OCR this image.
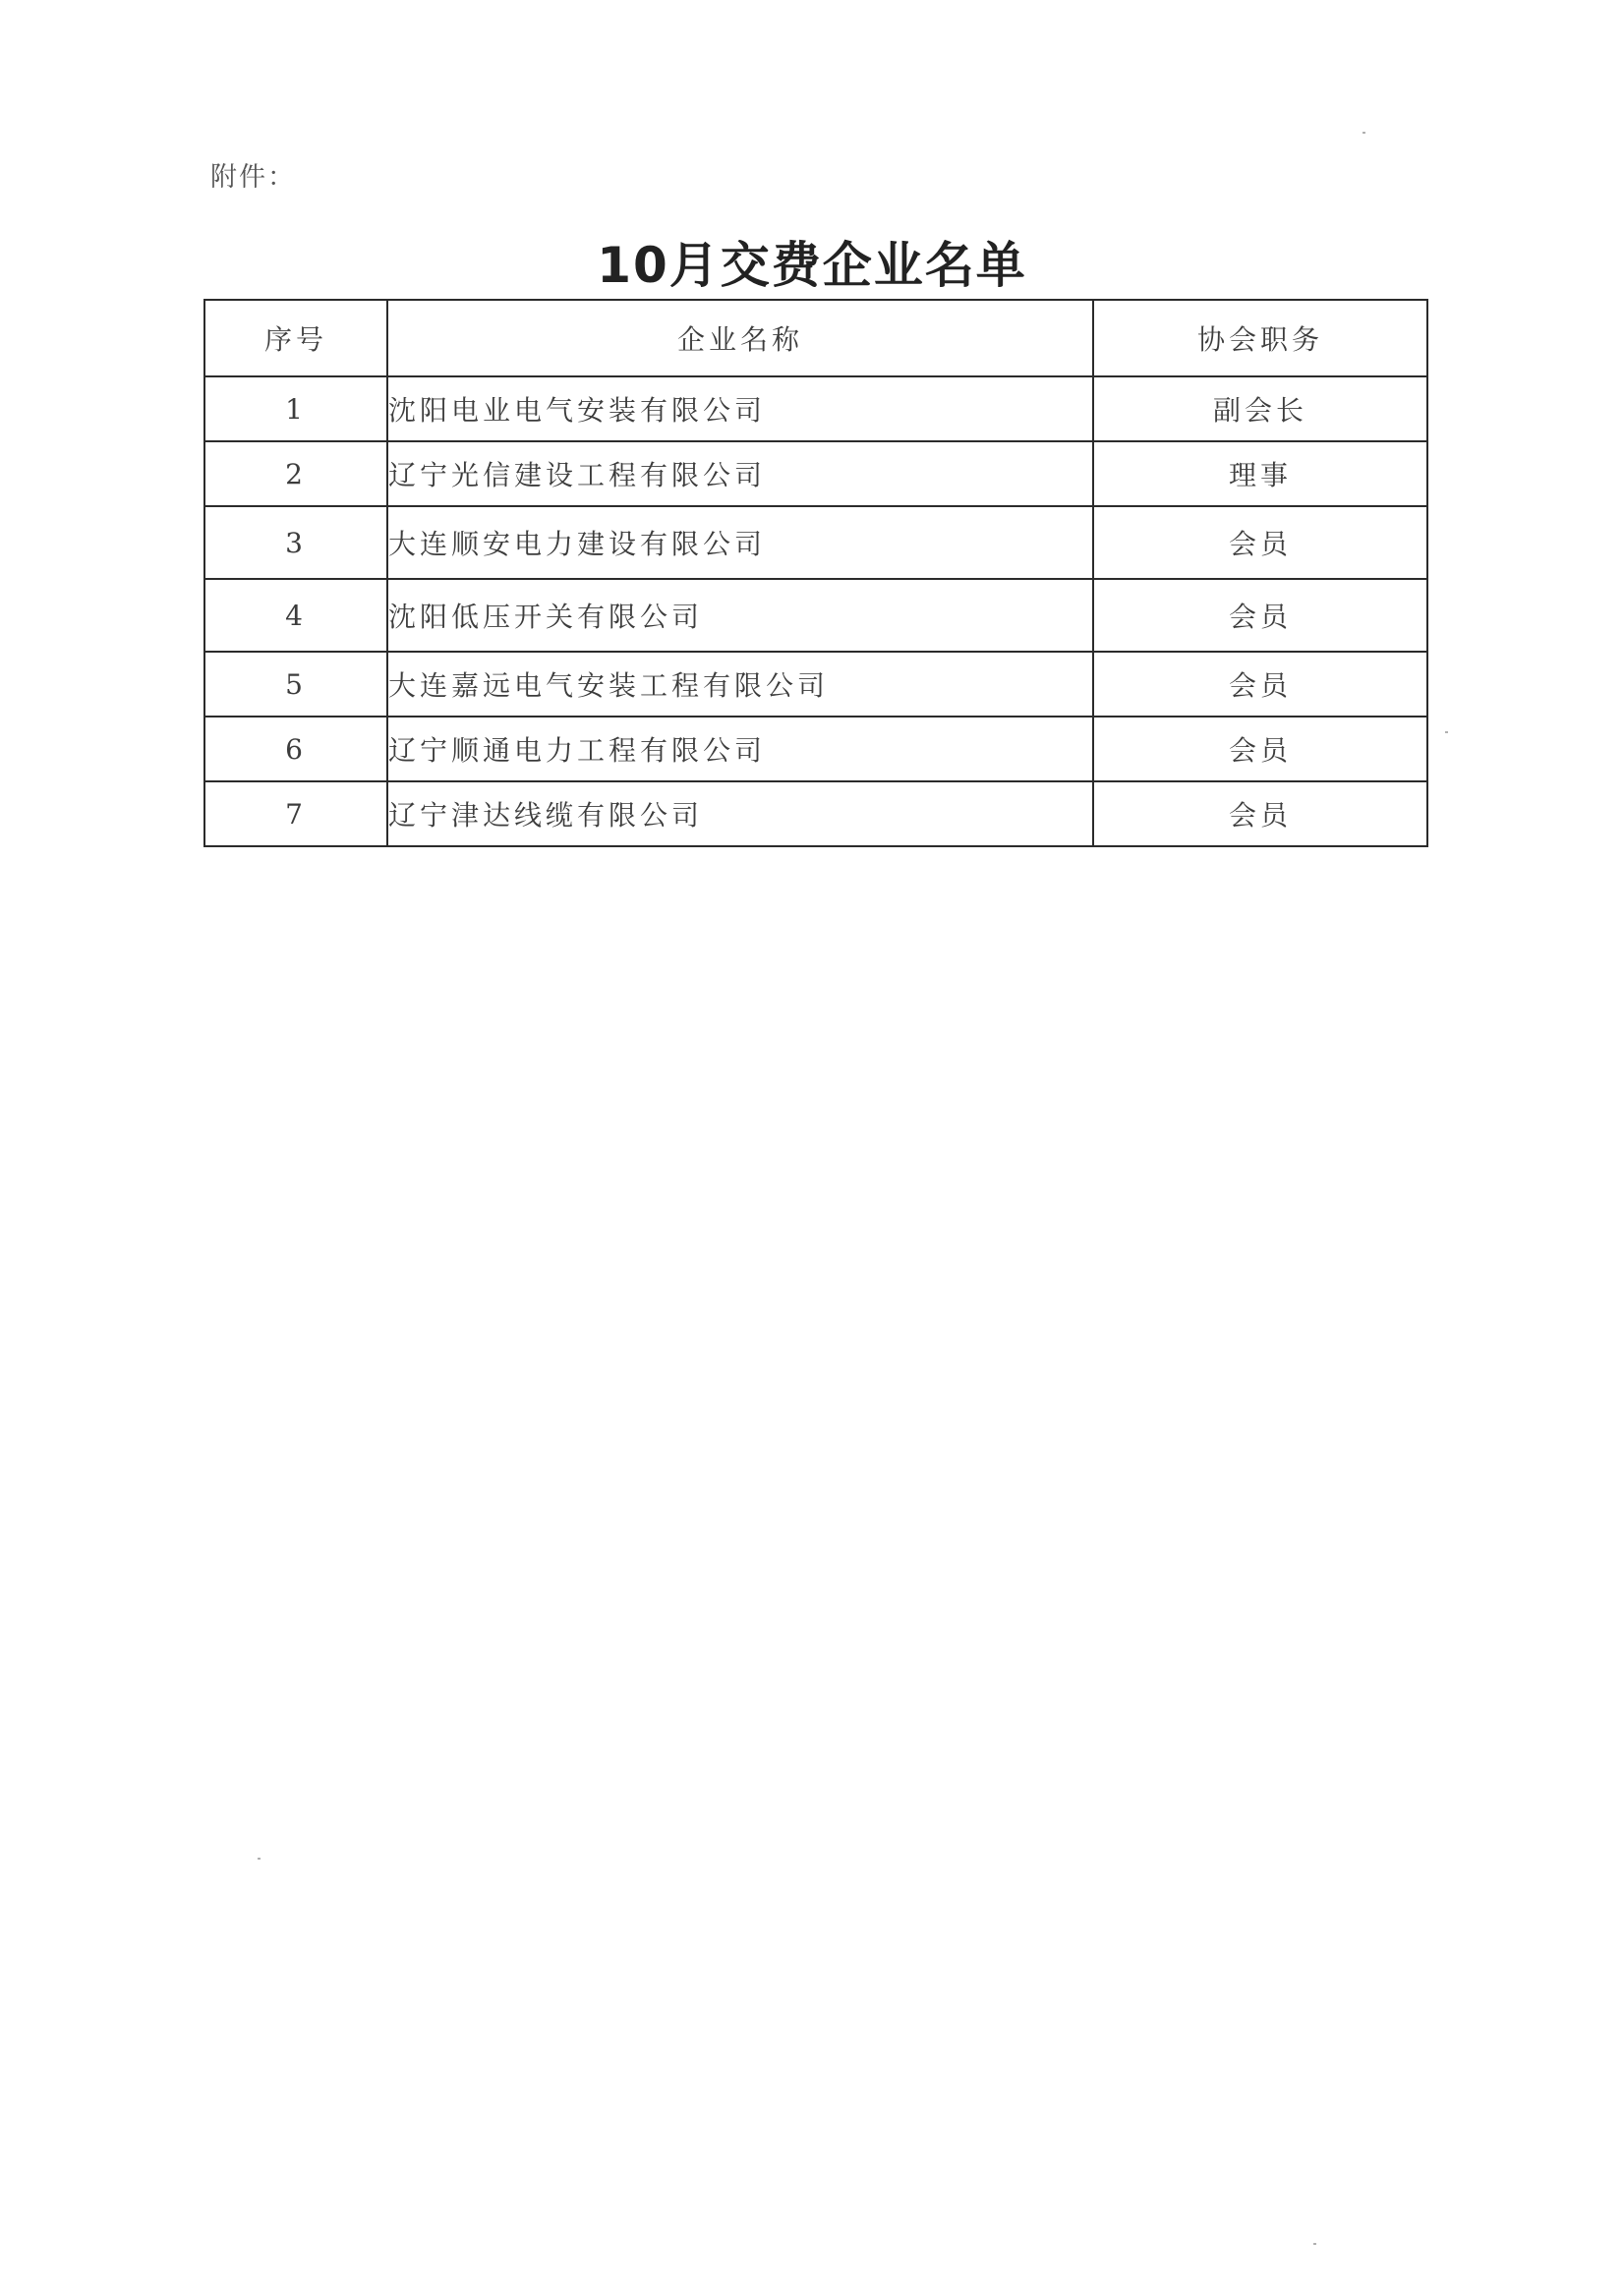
附件：
10月交费企业名单
序号	企业名称	协会职务
1	沈阳电业电气安装有限公司	副会长
2	辽宁光信建设工程有限公司	理事
3	大连顺安电力建设有限公司	会员
4	沈阳低压开关有限公司	会员
5	大连嘉远电气安装工程有限公司	会员
6	辽宁顺通电力工程有限公司	会员
7	辽宁津达线缆有限公司	会员
